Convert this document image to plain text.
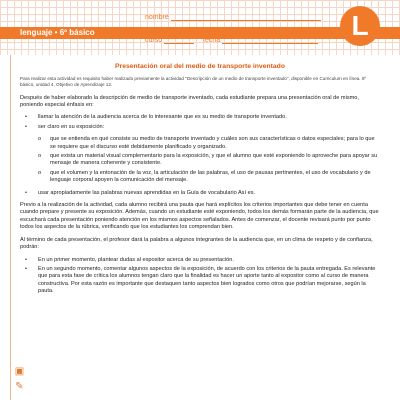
lenguaje • 6º básico
nombre
curso	fecha	L
Presentación oral del medio de transporte inventado
Para realizar esta actividad es requisito haber realizado previamente la actividad "Descripción de un medio de transporte inventado", disponible en Curriculum en línea. 6º básico, unidad 4, Objetivo de Aprendizaje 12.
Después de haber elaborado la descripción de medio de transporte inventado, cada estudiante prepara una presentación oral de mismo, poniendo especial énfasis en:
• llamar la atención de la audiencia acerca de lo interesante que es su medio de transporte inventado.
• ser claro en su exposición:
o que se entienda en qué consiste su medio de transporte inventado y cuáles son sus características o datos especiales; para lo que se requiere que el discurso esté debidamente planificado y organizado.
o que exista un material visual complementario para la exposición, y que el alumno que esté exponiendo lo aproveche para apoyar su mensaje de manera coherente y consistente.
o que el volumen y la entonación de la voz, la articulación de las palabras, el uso de pausas pertinentes, el uso de vocabulario y de lenguaje corporal apoyen la comunicación del mensaje.
• usar apropiadamente las palabras nuevas aprendidas en la Guía de vocabulario Así es.
Previo a la realización de la actividad, cada alumno recibirá una pauta que hará explícitos los criterios importantes que debe tener en cuenta cuando prepare y presente su exposición. Además, cuando un estudiante esté exponiendo, todos los demás formarán parte de la audiencia, que escuchará cada presentación poniendo atención en los mismos aspectos señalados. Antes de comenzar, el docente revisará punto por punto todos los aspectos de la rúbrica, verificando que los estudiantes los comprendan bien.
Al término de cada presentación, el profesor dará la palabra a algunos integrantes de la audiencia que, en un clima de respeto y de confianza, podrán:
• En un primer momento, plantear dudas al expositor acerca de su presentación.
• En un segundo momento, comentar algunos aspectos de la exposición, de acuerdo con los criterios de la pauta entregada. Es relevante que para esta fase de crítica los alumnos tengan claro que la finalidad es hacer un aporte tanto al expositor como al curso de manera constructiva. Por esta razón es importante que destaquen tanto aspectos bien logrados como otros que podrían mejorarse, según la pauta.
▣
✎
